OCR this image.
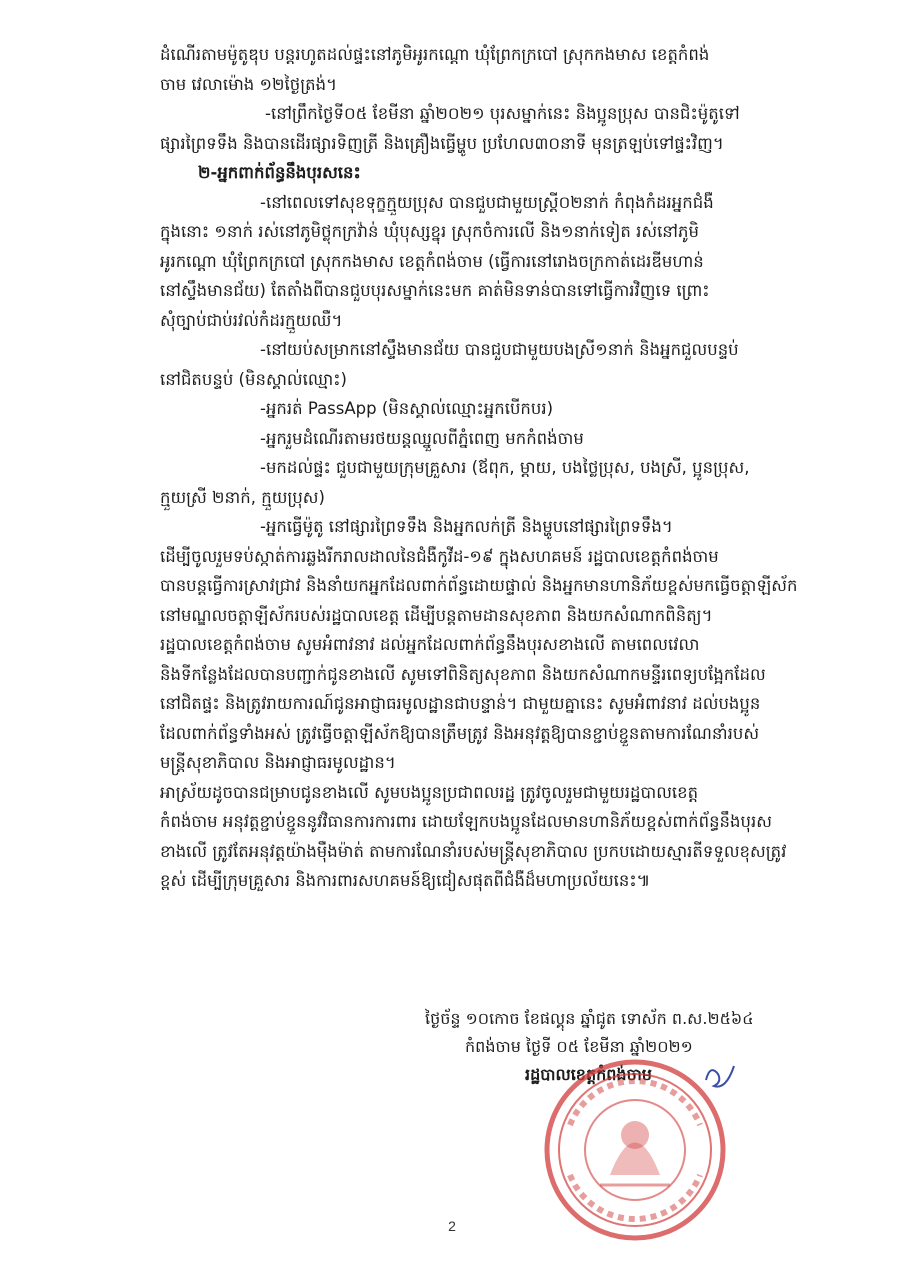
ដំណើរតាមម៉ូតូឌុប បន្តរហូតដល់ផ្ទះនៅភូមិអូរកណ្ដោ ឃុំព្រែកក្របៅ ស្រុកកងមាស ខេត្តកំពង់
ចាម វេលាម៉ោង ១២ថ្ងៃត្រង់។
-នៅព្រឹកថ្ងៃទី០៥ ខែមីនា ឆ្នាំ២០២១ បុរសម្នាក់នេះ និងប្អូនប្រុស បានជិះម៉ូតូទៅ
ផ្សារព្រៃទទឹង និងបានដើរផ្សារទិញត្រី និងគ្រឿងធ្វើម្ហូប ប្រហែល៣០នាទី មុនត្រឡប់ទៅផ្ទះវិញ។
២-អ្នកពាក់ព័ន្ធនឹងបុរសនេះ
-នៅពេលទៅសុខទុក្ខក្មួយប្រុស បានជួបជាមួយស្ត្រី០២នាក់ កំពុងកំដរអ្នកជំងឺ
ក្នុងនោះ ១នាក់ រស់នៅភូមិថ្លុកក្រវ៉ាន់ ឃុំបុស្សខ្នុរ ស្រុកចំការលើ និង១នាក់ទៀត រស់នៅភូមិ
អូរកណ្ដោ ឃុំព្រែកក្របៅ ស្រុកកងមាស ខេត្តកំពង់ចាម (ធ្វើការនៅរោងចក្រកាត់ដេរឌីមហាន់
នៅស្ទឹងមានជ័យ) តែតាំងពីបានជួបបុរសម្នាក់នេះមក គាត់មិនទាន់បានទៅធ្វើការវិញទេ ព្រោះ
សុំច្បាប់ជាប់រវល់កំដរក្មួយឈឺ។
-នៅយប់សម្រាកនៅស្ទឹងមានជ័យ បានជួបជាមួយបងស្រី១នាក់ និងអ្នកជួលបន្ទប់
នៅជិតបន្ទប់ (មិនស្គាល់ឈ្មោះ)
-អ្នករត់ PassApp (មិនស្គាល់ឈ្មោះអ្នកបើកបរ)
-អ្នករួមដំណើរតាមរថយន្តឈ្នួលពីភ្នំពេញ មកកំពង់ចាម
-មកដល់ផ្ទះ ជួបជាមួយក្រុមគ្រួសារ (ឪពុក, ម្ដាយ, បងថ្លៃប្រុស, បងស្រី, ប្អូនប្រុស,
ក្មួយស្រី ២នាក់, ក្មួយប្រុស)
-អ្នកធ្វើម៉ូតូ នៅផ្សារព្រៃទទឹង និងអ្នកលក់ត្រី និងម្ហូបនៅផ្សារព្រៃទទឹង។
ដើម្បីចូលរួមទប់ស្កាត់ការឆ្លងរីករាលដាលនៃជំងឺកូវីដ-១៩ ក្នុងសហគមន៍ រដ្ឋបាលខេត្តកំពង់ចាម
បានបន្តធ្វើការស្រាវជ្រាវ និងនាំយកអ្នកដែលពាក់ព័ន្ធដោយផ្ទាល់ និងអ្នកមានហានិភ័យខ្ពស់មកធ្វើចត្តាឡីស័ក
នៅមណ្ឌលចត្តាឡីស័ករបស់រដ្ឋបាលខេត្ត ដើម្បីបន្តតាមដានសុខភាព និងយកសំណាកពិនិត្យ។
រដ្ឋបាលខេត្តកំពង់ចាម សូមអំពាវនាវ ដល់អ្នកដែលពាក់ព័ន្ធនឹងបុរសខាងលើ តាមពេលវេលា
និងទីកន្លែងដែលបានបញ្ជាក់ជូនខាងលើ សូមទៅពិនិត្យសុខភាព និងយកសំណាកមន្ទីរពេទ្យបង្អែកដែល
នៅជិតផ្ទះ និងត្រូវរាយការណ៍ជូនអាជ្ញាធរមូលដ្ឋានជាបន្ទាន់។ ជាមួយគ្នានេះ សូមអំពាវនាវ ដល់បងប្អូន
ដែលពាក់ព័ន្ធទាំងអស់ ត្រូវធ្វើចត្តាឡីស័កឱ្យបានត្រឹមត្រូវ និងអនុវត្តឱ្យបានខ្ជាប់ខ្ជួនតាមការណែនាំរបស់
មន្ត្រីសុខាភិបាល និងអាជ្ញាធរមូលដ្ឋាន។
អាស្រ័យដូចបានជម្រាបជូនខាងលើ សូមបងប្អូនប្រជាពលរដ្ឋ ត្រូវចូលរួមជាមួយរដ្ឋបាលខេត្ត
កំពង់ចាម អនុវត្តខ្ជាប់ខ្ជួននូវវិធានការការពារ ដោយឡែកបងប្អូនដែលមានហានិភ័យខ្ពស់ពាក់ព័ន្ធនឹងបុរស
ខាងលើ ត្រូវតែអនុវត្តយ៉ាងម៉ឺងម៉ាត់ តាមការណែនាំរបស់មន្ត្រីសុខាភិបាល ប្រកបដោយស្មារតីទទួលខុសត្រូវ
ខ្ពស់ ដើម្បីក្រុមគ្រួសារ និងការពារសហគមន៍ឱ្យជៀសផុតពីជំងឺដ៏មហាប្រល័យនេះ៕
ថ្ងៃច័ន្ទ ១០កោច ខែផល្គុន ឆ្នាំជូត ទោស័ក ព.ស.២៥៦៤
កំពង់ចាម ថ្ងៃទី ០៥ ខែមីនា ឆ្នាំ២០២១
រដ្ឋបាលខេត្តកំពង់ចាម
2
